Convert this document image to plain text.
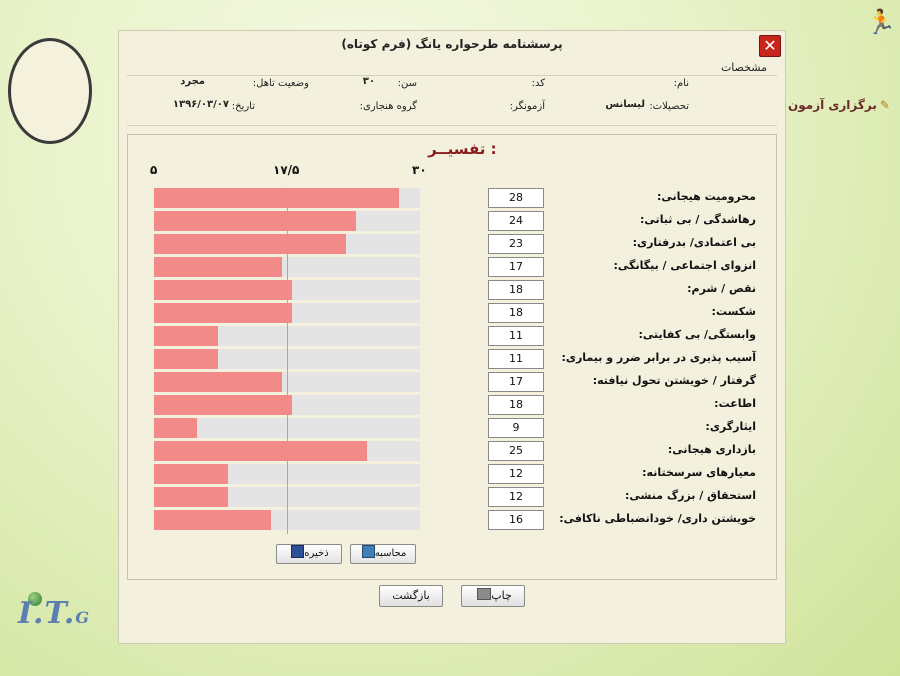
🏃
برگزاری آزمون ✎
I.T.G
پرسشنامه طرحواره یانگ (فرم کوتاه)	✕
مشخصات
نام:
کد:
سن:
۳۰
وضعیت تاهل:
مجرد
تحصیلات:
لیسانس
آزمونگر:
گروه هنجاری:
تاریخ:
۱۳۹۶/۰۳/۰۷
تفسیــر :
۵	۱۷/۵	۳۰
28	محرومیت هیجانی:
24	رهاشدگی / بی ثباتی:
23	بی اعتمادی/ بدرفتاری:
17	انزوای اجتماعی / بیگانگی:
18	نقص / شرم:
18	شکست:
11	وابستگی/ بی کفایتی:
11	آسیب پذیری در برابر ضرر و بیماری:
17	گرفتار / خویشتن تحول نیافته:
18	اطاعت:
9	ایثارگری:
25	بازداری هیجانی:
12	معیارهای سرسختانه:
12	استحقاق / بزرگ منشی:
16	خویشتن داری/ خودانضباطی ناکافی:
ذخیره	محاسبه
چاپ
بازگشت
